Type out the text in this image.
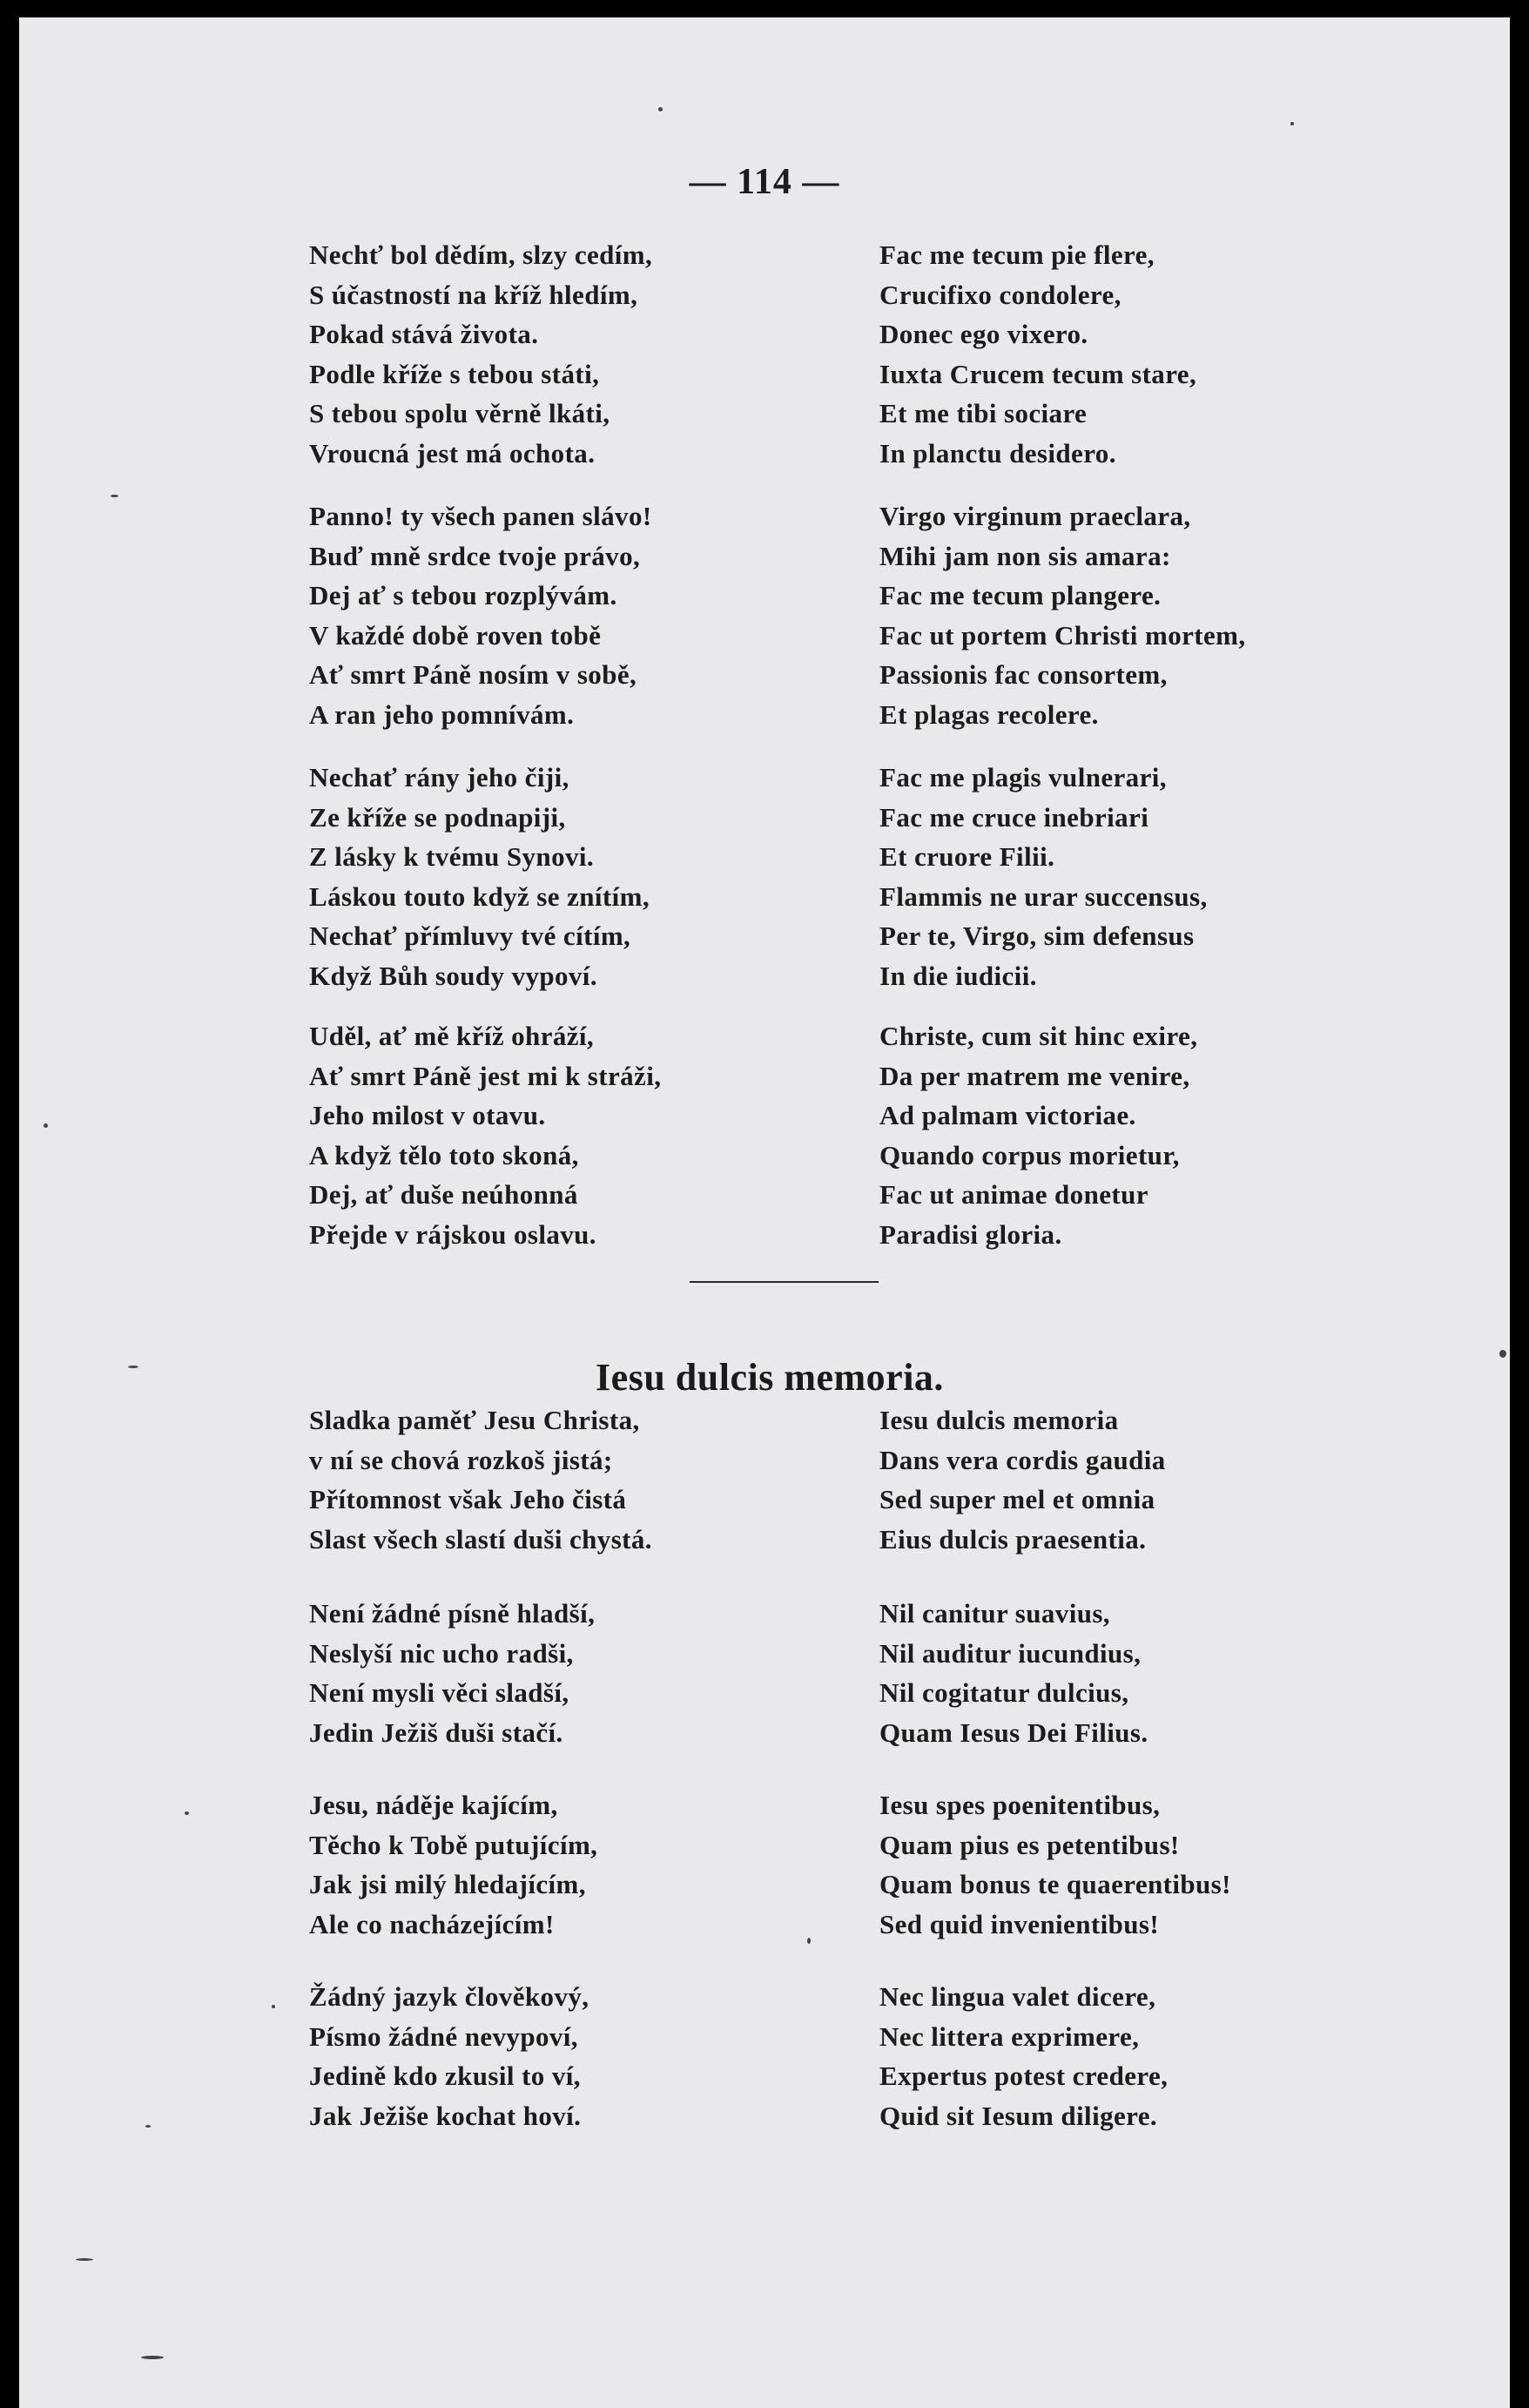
— 114 —
Nechť bol dědím, slzy cedím,
S účastností na kříž hledím,
Pokad stává života.
Podle kříže s tebou státi,
S tebou spolu věrně lkáti,
Vroucná jest má ochota.
Panno! ty všech panen slávo!
Buď mně srdce tvoje právo,
Dej ať s tebou rozplývám.
V každé době roven tobě
Ať smrt Páně nosím v sobě,
A ran jeho pomnívám.
Nechať rány jeho čiji,
Ze kříže se podnapiji,
Z lásky k tvému Synovi.
Láskou touto když se znítím,
Nechať přímluvy tvé cítím,
Když Bůh soudy vypoví.
Uděl, ať mě kříž ohráží,
Ať smrt Páně jest mi k stráži,
Jeho milost v otavu.
A když tělo toto skoná,
Dej, ať duše neúhonná
Přejde v rájskou oslavu.
Fac me tecum pie flere,
Crucifixo condolere,
Donec ego vixero.
Iuxta Crucem tecum stare,
Et me tibi sociare
In planctu desidero.
Virgo virginum praeclara,
Mihi jam non sis amara:
Fac me tecum plangere.
Fac ut portem Christi mortem,
Passionis fac consortem,
Et plagas recolere.
Fac me plagis vulnerari,
Fac me cruce inebriari
Et cruore Filii.
Flammis ne urar succensus,
Per te, Virgo, sim defensus
In die iudicii.
Christe, cum sit hinc exire,
Da per matrem me venire,
Ad palmam victoriae.
Quando corpus morietur,
Fac ut animae donetur
Paradisi gloria.
Iesu dulcis memoria.
Sladka paměť Jesu Christa,
v ní se chová rozkoš jistá;
Přítomnost však Jeho čistá
Slast všech slastí duši chystá.
Není žádné písně hladší,
Neslyší nic ucho radši,
Není mysli věci sladší,
Jedin Ježiš duši stačí.
Jesu, náděje kajícím,
Těcho k Tobě putujícím,
Jak jsi milý hledajícím,
Ale co nacházejícím!
Žádný jazyk člověkový,
Písmo žádné nevypoví,
Jedině kdo zkusil to ví,
Jak Ježiše kochat hoví.
Iesu dulcis memoria
Dans vera cordis gaudia
Sed super mel et omnia
Eius dulcis praesentia.
Nil canitur suavius,
Nil auditur iucundius,
Nil cogitatur dulcius,
Quam Iesus Dei Filius.
Iesu spes poenitentibus,
Quam pius es petentibus!
Quam bonus te quaerentibus!
Sed quid invenientibus!
Nec lingua valet dicere,
Nec littera exprimere,
Expertus potest credere,
Quid sit Iesum diligere.
